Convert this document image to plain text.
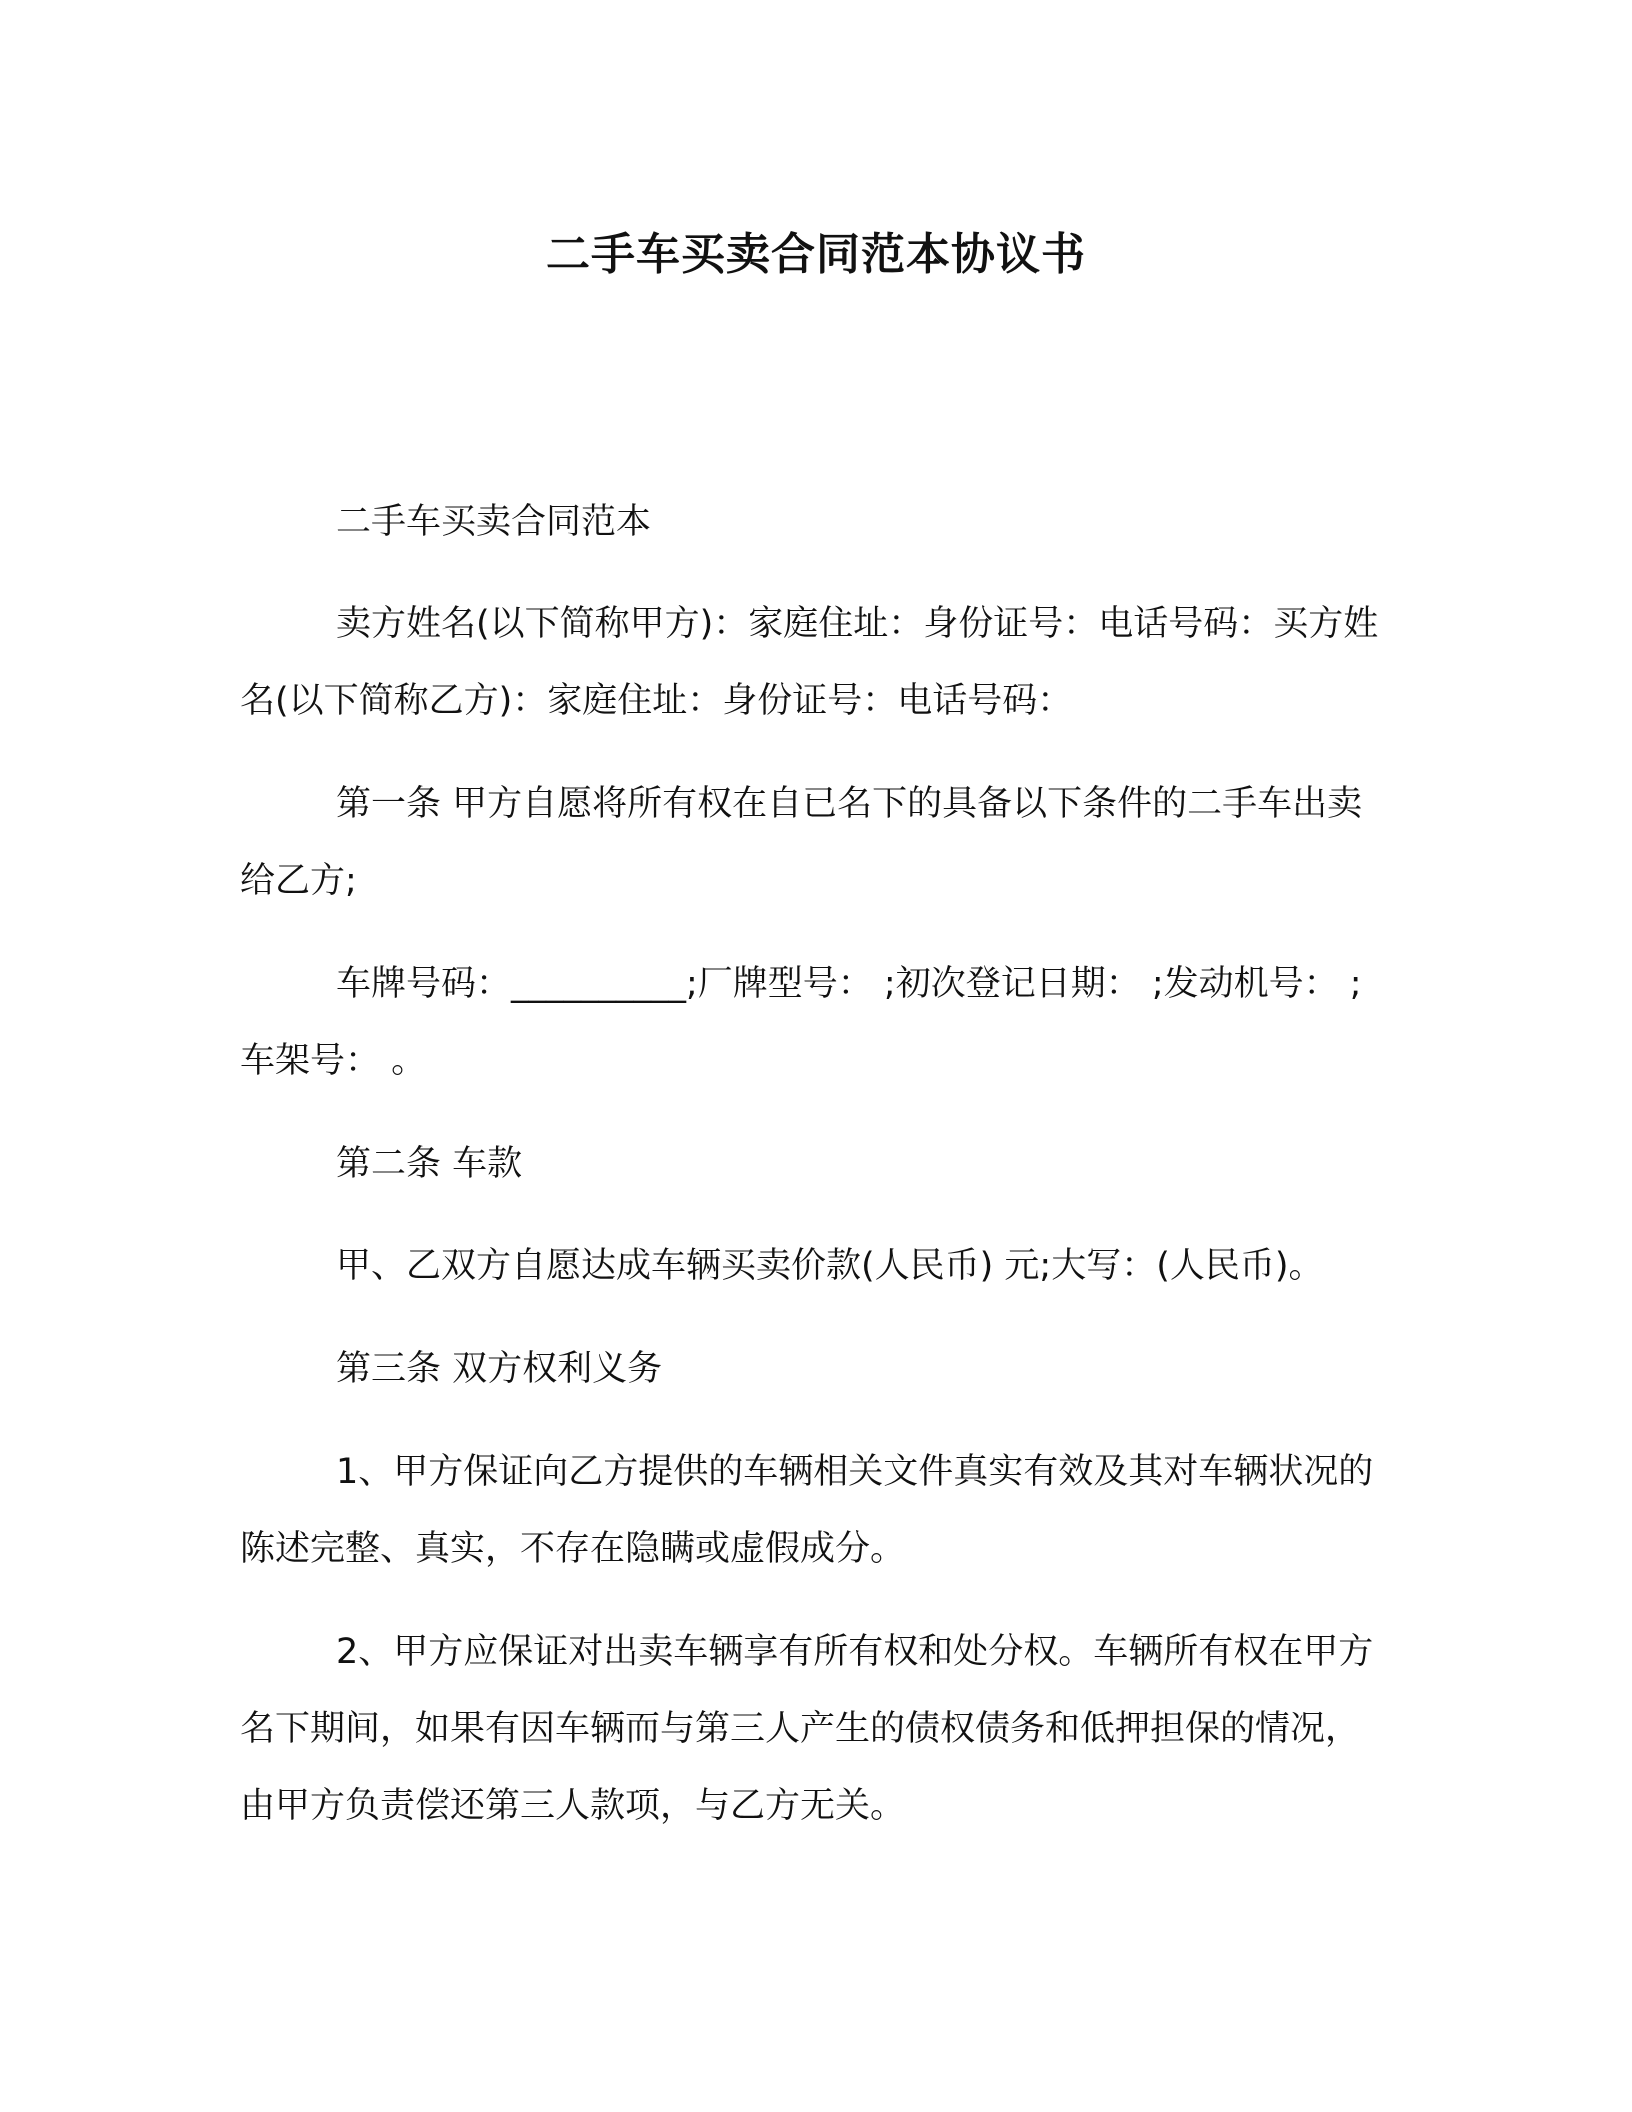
二手车买卖合同范本协议书

二手车买卖合同范本

卖方姓名(以下简称甲方)：家庭住址：身份证号：电话号码：买方姓名(以下简称乙方)：家庭住址：身份证号：电话号码：

第一条 甲方自愿将所有权在自已名下的具备以下条件的二手车出卖给乙方;

车牌号码：__________;厂牌型号： ;初次登记日期： ;发动机号： ;车架号： 。

第二条 车款

甲、乙双方自愿达成车辆买卖价款(人民币) 元;大写：(人民币)。

第三条 双方权利义务

1、甲方保证向乙方提供的车辆相关文件真实有效及其对车辆状况的陈述完整、真实，不存在隐瞒或虚假成分。

2、甲方应保证对出卖车辆享有所有权和处分权。车辆所有权在甲方名下期间，如果有因车辆而与第三人产生的债权债务和低押担保的情况，由甲方负责偿还第三人款项，与乙方无关。
